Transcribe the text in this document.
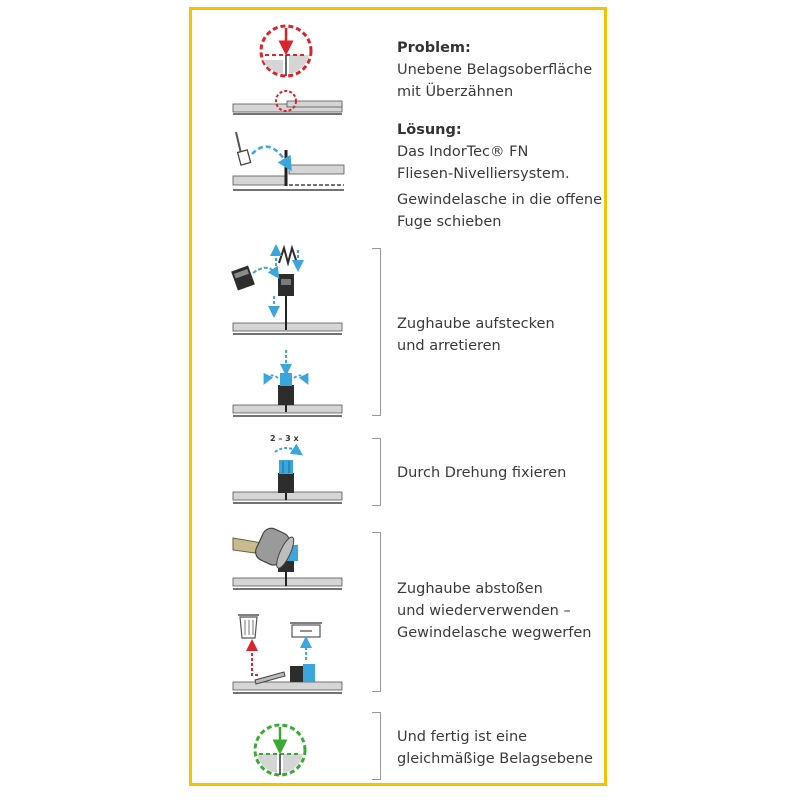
2 – 3 x
Problem:
Unebene Belagsoberfläche
mit Überzähnen
Lösung:
Das IndorTec® FN
Fliesen-Nivelliersystem.
Gewindelasche in die offene
Fuge schieben
Zughaube aufstecken
und arretieren
Durch Drehung fixieren
Zughaube abstoßen
und wiederverwenden –
Gewindelasche wegwerfen
Und fertig ist eine
gleichmäßige Belagsebene
